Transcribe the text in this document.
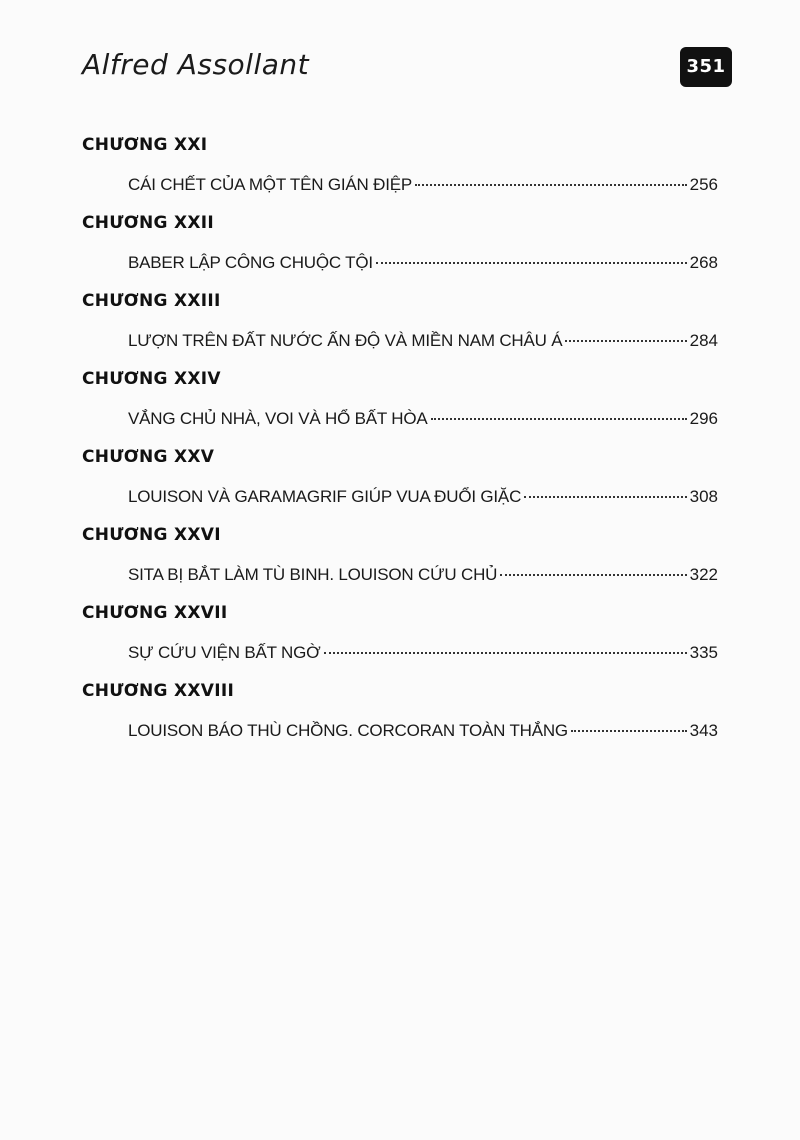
Alfred Assollant	351
CHƯƠNG XXI
CÁI CHẾT CỦA MỘT TÊN GIÁN ĐIỆP	256
CHƯƠNG XXII
BABER LẬP CÔNG CHUỘC TỘI	268
CHƯƠNG XXIII
LƯỢN TRÊN ĐẤT NƯỚC ẤN ĐỘ VÀ MIỀN NAM CHÂU Á	284
CHƯƠNG XXIV
VẮNG CHỦ NHÀ, VOI VÀ HỔ BẤT HÒA	296
CHƯƠNG XXV
LOUISON VÀ GARAMAGRIF GIÚP VUA ĐUỔI GIẶC	308
CHƯƠNG XXVI
SITA BỊ BẮT LÀM TÙ BINH. LOUISON CỨU CHỦ	322
CHƯƠNG XXVII
SỰ CỨU VIỆN BẤT NGỜ	335
CHƯƠNG XXVIII
LOUISON BÁO THÙ CHỒNG. CORCORAN TOÀN THẮNG	343
